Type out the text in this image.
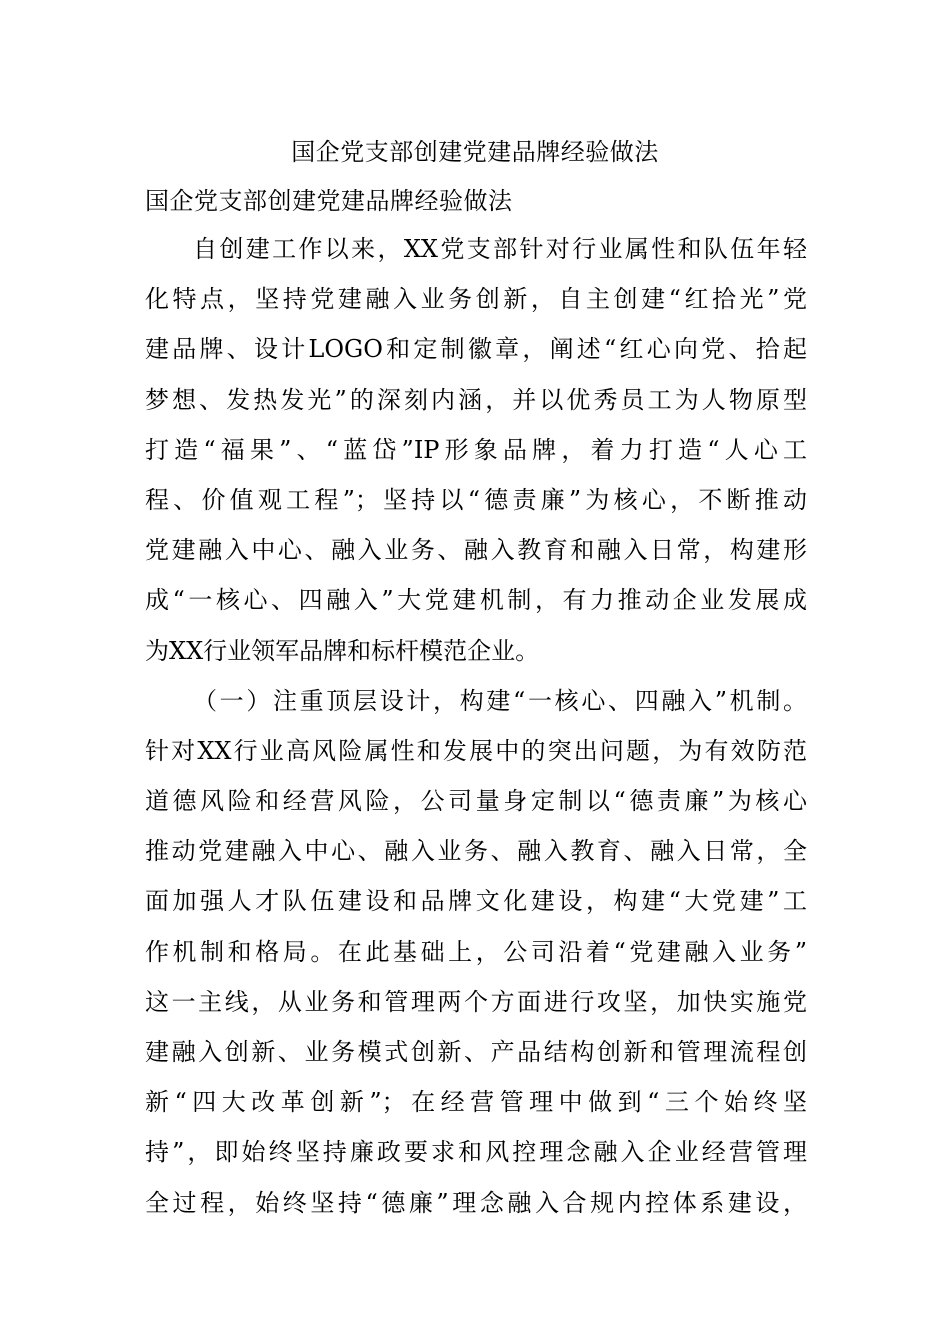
国企党支部创建党建品牌经验做法
国企党支部创建党建品牌经验做法
自创建工作以来，XX党支部针对行业属性和队伍年轻
化特点，坚持党建融入业务创新，自主创建“红拾光”党
建品牌、设计LOGO和定制徽章，阐述“红心向党、拾起
梦想、发热发光”的深刻内涵，并以优秀员工为人物原型
打造“福果”、“蓝岱”IP形象品牌，着力打造“人心工
程、价值观工程”；坚持以“德责廉”为核心，不断推动
党建融入中心、融入业务、融入教育和融入日常，构建形
成“一核心、四融入”大党建机制，有力推动企业发展成
为XX行业领军品牌和标杆模范企业。
（一）注重顶层设计，构建“一核心、四融入”机制。
针对XX行业高风险属性和发展中的突出问题，为有效防范
道德风险和经营风险，公司量身定制以“德责廉”为核心
推动党建融入中心、融入业务、融入教育、融入日常，全
面加强人才队伍建设和品牌文化建设，构建“大党建”工
作机制和格局。在此基础上，公司沿着“党建融入业务”
这一主线，从业务和管理两个方面进行攻坚，加快实施党
建融入创新、业务模式创新、产品结构创新和管理流程创
新“四大改革创新”；在经营管理中做到“三个始终坚
持”，即始终坚持廉政要求和风控理念融入企业经营管理
全过程，始终坚持“德廉”理念融入合规内控体系建设，
